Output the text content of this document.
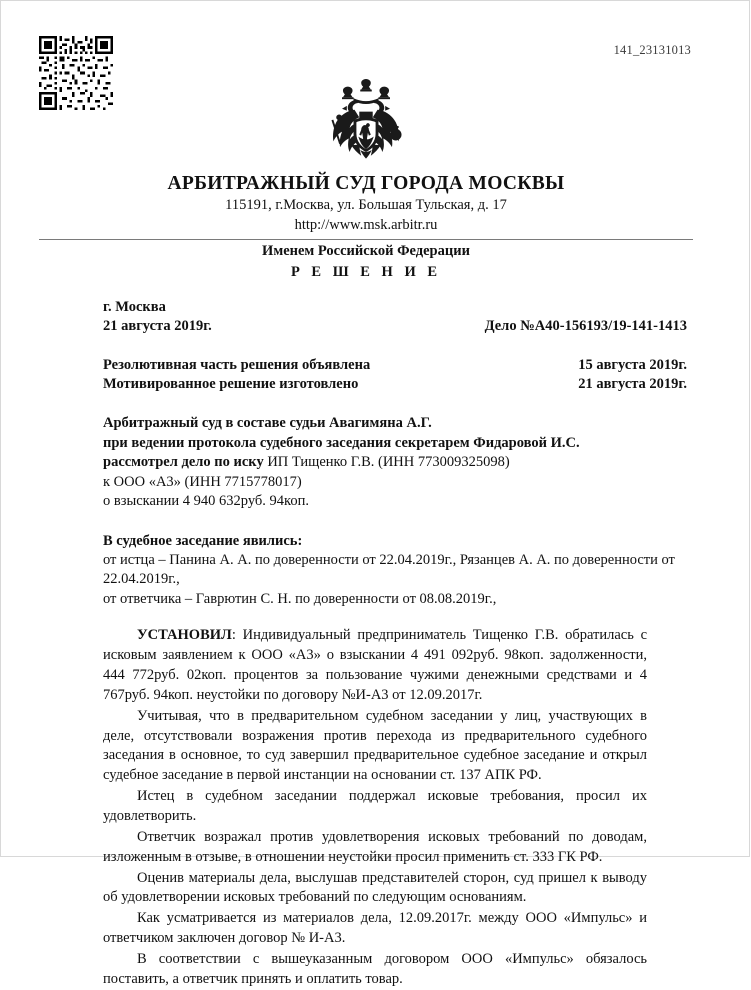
141_23131013
АРБИТРАЖНЫЙ СУД ГОРОДА МОСКВЫ
115191, г.Москва, ул. Большая Тульская, д. 17
http://www.msk.arbitr.ru
Именем Российской Федерации
Р Е Ш Е Н И Е
г. Москва
21 августа 2019г.	Дело №А40-156193/19-141-1413
Резолютивная часть решения объявлена	15 августа 2019г.
Мотивированное решение изготовлено	21 августа 2019г.
Арбитражный суд в составе судьи Авагимяна А.Г.
при ведении протокола судебного заседания секретарем Фидаровой И.С.
рассмотрел дело по иску ИП Тищенко Г.В. (ИНН 773009325098)
к ООО «А3» (ИНН 7715778017)
о взыскании 4 940 632руб. 94коп.
В судебное заседание явились:
от истца – Панина А. А. по доверенности от 22.04.2019г., Рязанцев А. А. по доверенности от 22.04.2019г.,
от ответчика – Гаврютин С. Н. по доверенности от 08.08.2019г.,

УСТАНОВИЛ: Индивидуальный предприниматель Тищенко Г.В. обратилась с исковым заявлением к ООО «А3» о взыскании 4 491 092руб. 98коп. задолженности, 444 772руб. 02коп. процентов за пользование чужими денежными средствами и 4 767руб. 94коп. неустойки по договору №И-А3 от 12.09.2017г.

Учитывая, что в предварительном судебном заседании у лиц, участвующих в деле, отсутствовали возражения против перехода из предварительного судебного заседания в основное, то суд завершил предварительное судебное заседание и открыл судебное заседание в первой инстанции на основании ст. 137 АПК РФ.

Истец в судебном заседании поддержал исковые требования, просил их удовлетворить.

Ответчик возражал против удовлетворения исковых требований по доводам, изложенным в отзыве, в отношении неустойки просил применить ст. 333 ГК РФ.

Оценив материалы дела, выслушав представителей сторон, суд пришел к выводу об удовлетворении исковых требований по следующим основаниям.

Как усматривается из материалов дела, 12.09.2017г. между ООО «Импульс» и ответчиком заключен договор № И-А3.

В соответствии с вышеуказанным договором ООО «Импульс» обязалось поставить, а ответчик принять и оплатить товар.
